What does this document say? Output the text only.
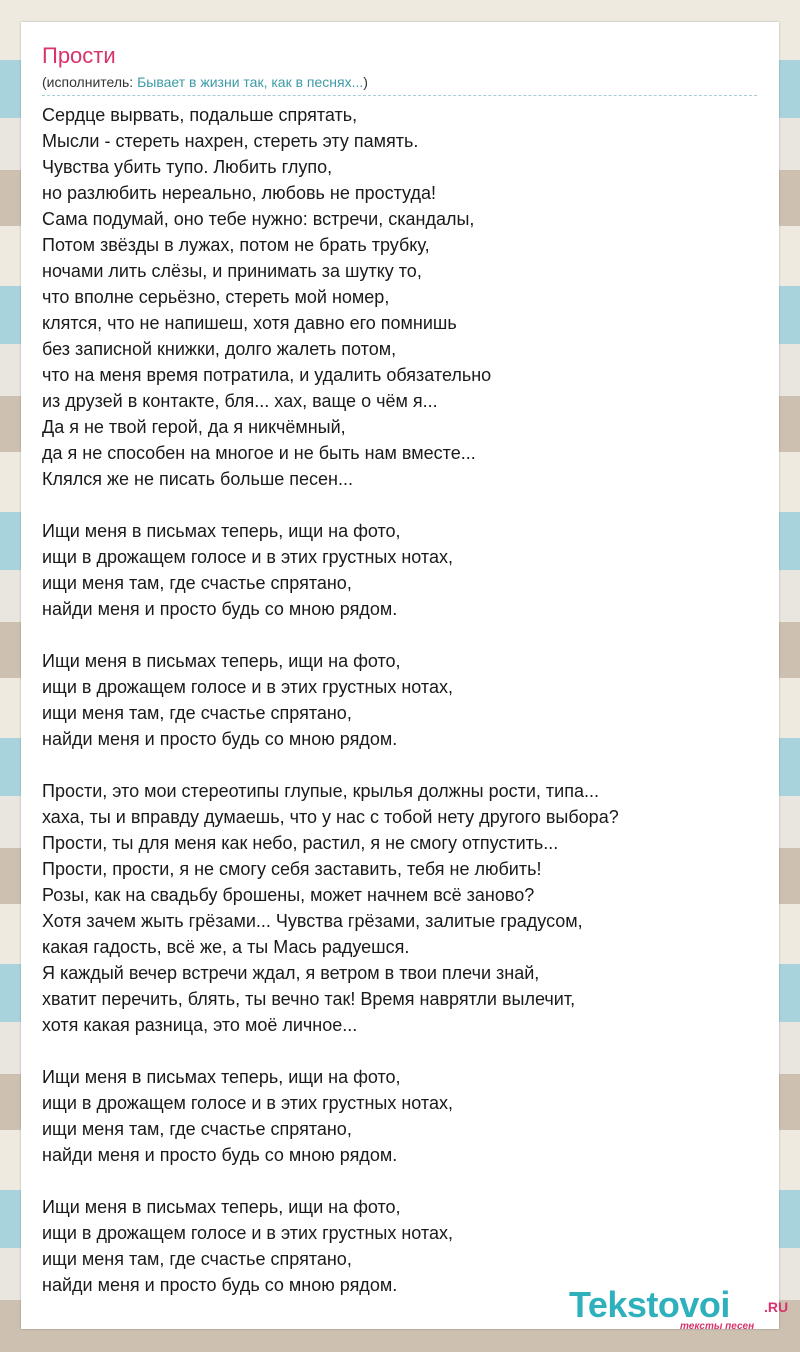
Прости
(исполнитель: Бывает в жизни так, как в песнях...)
Сердце вырвать, подальше спрятать,
Мысли - стереть нахрен, стереть эту память.
Чувства убить тупо. Любить глупо,
но разлюбить нереально, любовь не простуда!
Сама подумай, оно тебе нужно: встречи, скандалы,
Потом звёзды в лужах, потом не брать трубку,
ночами лить слёзы, и принимать за шутку то,
что вполне серьёзно, стереть мой номер,
клятся, что не напишеш, хотя давно его помнишь
без записной книжки, долго жалеть потом,
что на меня время потратила, и удалить обязательно
из друзей в контакте, бля... хах, ваще о чём я...
Да я не твой герой, да я никчёмный,
да я не способен на многое и не быть нам вместе...
Клялся же не писать больше песен...
Ищи меня в письмах теперь, ищи на фото,
ищи в дрожащем голосе и в этих грустных нотах,
ищи меня там, где счастье спрятано,
найди меня и просто будь со мною рядом.
Ищи меня в письмах теперь, ищи на фото,
ищи в дрожащем голосе и в этих грустных нотах,
ищи меня там, где счастье спрятано,
найди меня и просто будь со мною рядом.
Прости, это мои стереотипы глупые, крылья должны рости, типа...
хаха, ты и вправду думаешь, что у нас с тобой нету другого выбора?
Прости, ты для меня как небо, растил, я не смогу отпустить...
Прости, прости, я не смогу себя заставить, тебя не любить!
Розы, как на свадьбу брошены, может начнем всё заново?
Хотя зачем жыть грёзами... Чувства грёзами, залитые градусом,
какая гадость, всё же, а ты Мась радуешся.
Я каждый вечер встречи ждал, я ветром в твои плечи знай,
хватит перечить, блять, ты вечно так! Время наврятли вылечит,
хотя какая разница, это моё личное...
Ищи меня в письмах теперь, ищи на фото,
ищи в дрожащем голосе и в этих грустных нотах,
ищи меня там, где счастье спрятано,
найди меня и просто будь со мною рядом.
Ищи меня в письмах теперь, ищи на фото,
ищи в дрожащем голосе и в этих грустных нотах,
ищи меня там, где счастье спрятано,
найди меня и просто будь со мною рядом.	Tekstovoi .RU
тексты песен
